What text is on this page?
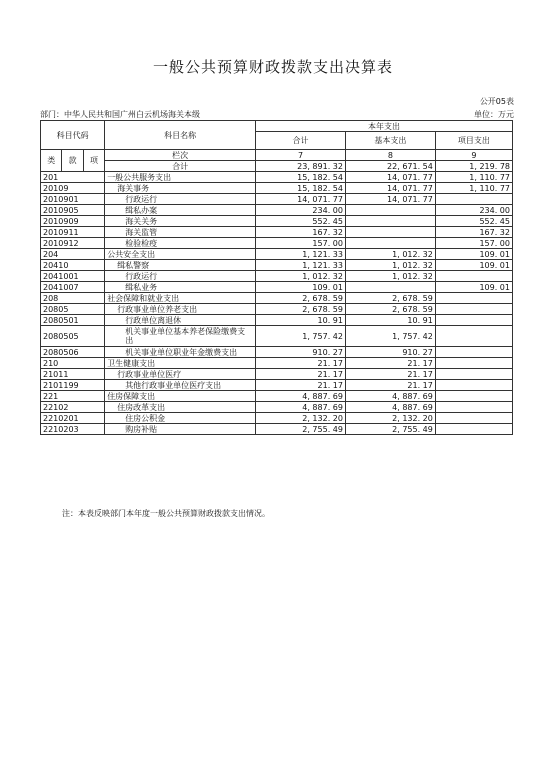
一般公共预算财政拨款支出决算表
公开05表
部门：中华人民共和国广州白云机场海关本级	单位：万元
科目代码			科目名称	本年支出		
				合计	基本支出	项目支出
类	款	项	栏次	7	8	9
			合计	23, 891. 32	22, 671. 54	1, 219. 78
201			一般公共服务支出	15, 182. 54	14, 071. 77	1, 110. 77
20109			海关事务	15, 182. 54	14, 071. 77	1, 110. 77
2010901			行政运行	14, 071. 77	14, 071. 77	
2010905			缉私办案	234. 00		234. 00
2010909			海关关务	552. 45		552. 45
2010911			海关监管	167. 32		167. 32
2010912			检验检疫	157. 00		157. 00
204			公共安全支出	1, 121. 33	1, 012. 32	109. 01
20410			缉私警察	1, 121. 33	1, 012. 32	109. 01
2041001			行政运行	1, 012. 32	1, 012. 32	
2041007			缉私业务	109. 01		109. 01
208			社会保障和就业支出	2, 678. 59	2, 678. 59	
20805			行政事业单位养老支出	2, 678. 59	2, 678. 59	
2080501			行政单位离退休	10. 91	10. 91	
2080505			机关事业单位基本养老保险缴费支出	1, 757. 42	1, 757. 42	
2080506			机关事业单位职业年金缴费支出	910. 27	910. 27	
210			卫生健康支出	21. 17	21. 17	
21011			行政事业单位医疗	21. 17	21. 17	
2101199			其他行政事业单位医疗支出	21. 17	21. 17	
221			住房保障支出	4, 887. 69	4, 887. 69	
22102			住房改革支出	4, 887. 69	4, 887. 69	
2210201			住房公积金	2, 132. 20	2, 132. 20	
2210203			购房补贴	2, 755. 49	2, 755. 49	
注：本表反映部门本年度一般公共预算财政拨款支出情况。
